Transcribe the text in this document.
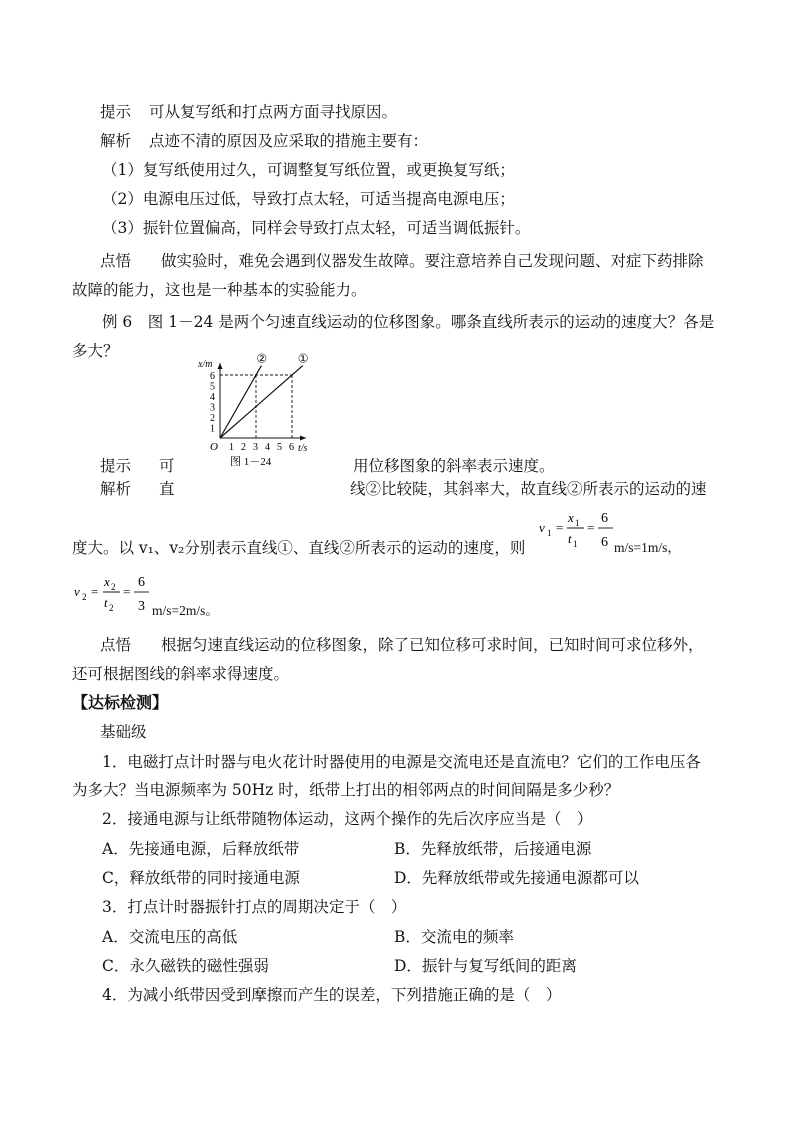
提示 可从复写纸和打点两方面寻找原因。
解析 点迹不清的原因及应采取的措施主要有：
（1）复写纸使用过久，可调整复写纸位置，或更换复写纸；
（2）电源电压过低，导致打点太轻，可适当提高电源电压；
（3）振针位置偏高，同样会导致打点太轻，可适当调低振针。
点悟 做实验时，难免会遇到仪器发生故障。要注意培养自己发现问题、对症下药排除
故障的能力，这也是一种基本的实验能力。
例 6　图 1－24 是两个匀速直线运动的位移图象。哪条直线所表示的运动的速度大？各是
多大？
x/m
t/s
O 1 2 3 4 5 6
1
2
3
4
5
6
①
②
图 1－24
提示 可	用位移图象的斜率表示速度。
解析 直	线②比较陡，其斜率大，故直线②所表示的运动的速
度大。以 v₁、v₂分别表示直线①、直线②所表示的运动的速度，则
v 1 =
x 1
t 1
=
6
6 m/s=1m/s，
v 2 =
x 2
t 2
=
6
3 m/s=2m/s。
点悟 根据匀速直线运动的位移图象，除了已知位移可求时间，已知时间可求位移外，
还可根据图线的斜率求得速度。
【达标检测】
基础级
1．电磁打点计时器与电火花计时器使用的电源是交流电还是直流电？它们的工作电压各
为多大？当电源频率为 50Hz 时，纸带上打出的相邻两点的时间间隔是多少秒？
2．接通电源与让纸带随物体运动，这两个操作的先后次序应当是（　）
A．先接通电源，后释放纸带	B．先释放纸带，后接通电源
C，释放纸带的同时接通电源	D．先释放纸带或先接通电源都可以
3．打点计时器振针打点的周期决定于（　）
A．交流电压的高低	B．交流电的频率
C．永久磁铁的磁性强弱	D．振针与复写纸间的距离
4．为减小纸带因受到摩擦而产生的误差，下列措施正确的是（　）
